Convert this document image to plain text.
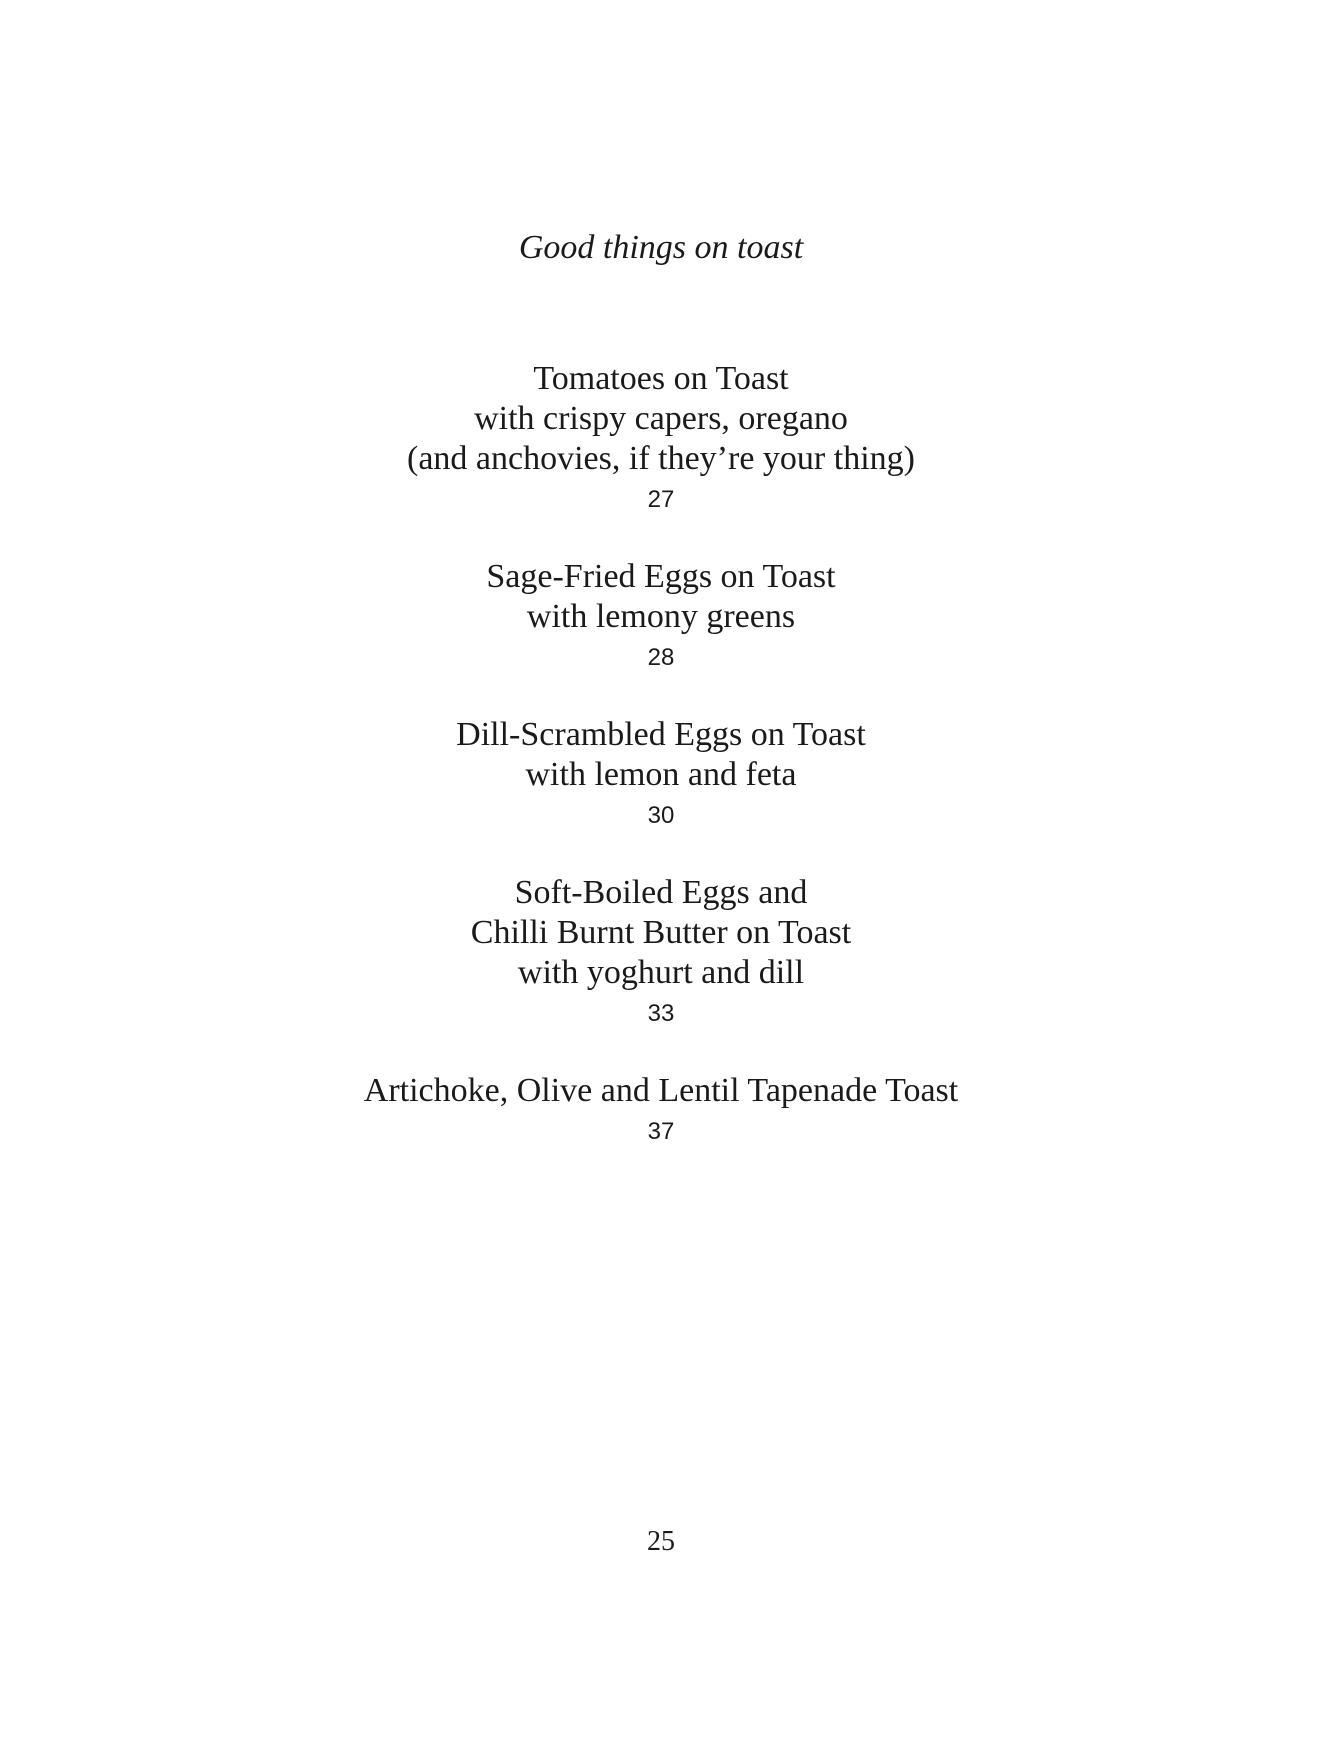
Good things on toast
Tomatoes on Toast
with crispy capers, oregano
(and anchovies, if they’re your thing)
27
Sage-Fried Eggs on Toast
with lemony greens
28
Dill-Scrambled Eggs on Toast
with lemon and feta
30
Soft-Boiled Eggs and
Chilli Burnt Butter on Toast
with yoghurt and dill
33
Artichoke, Olive and Lentil Tapenade Toast
37
25
